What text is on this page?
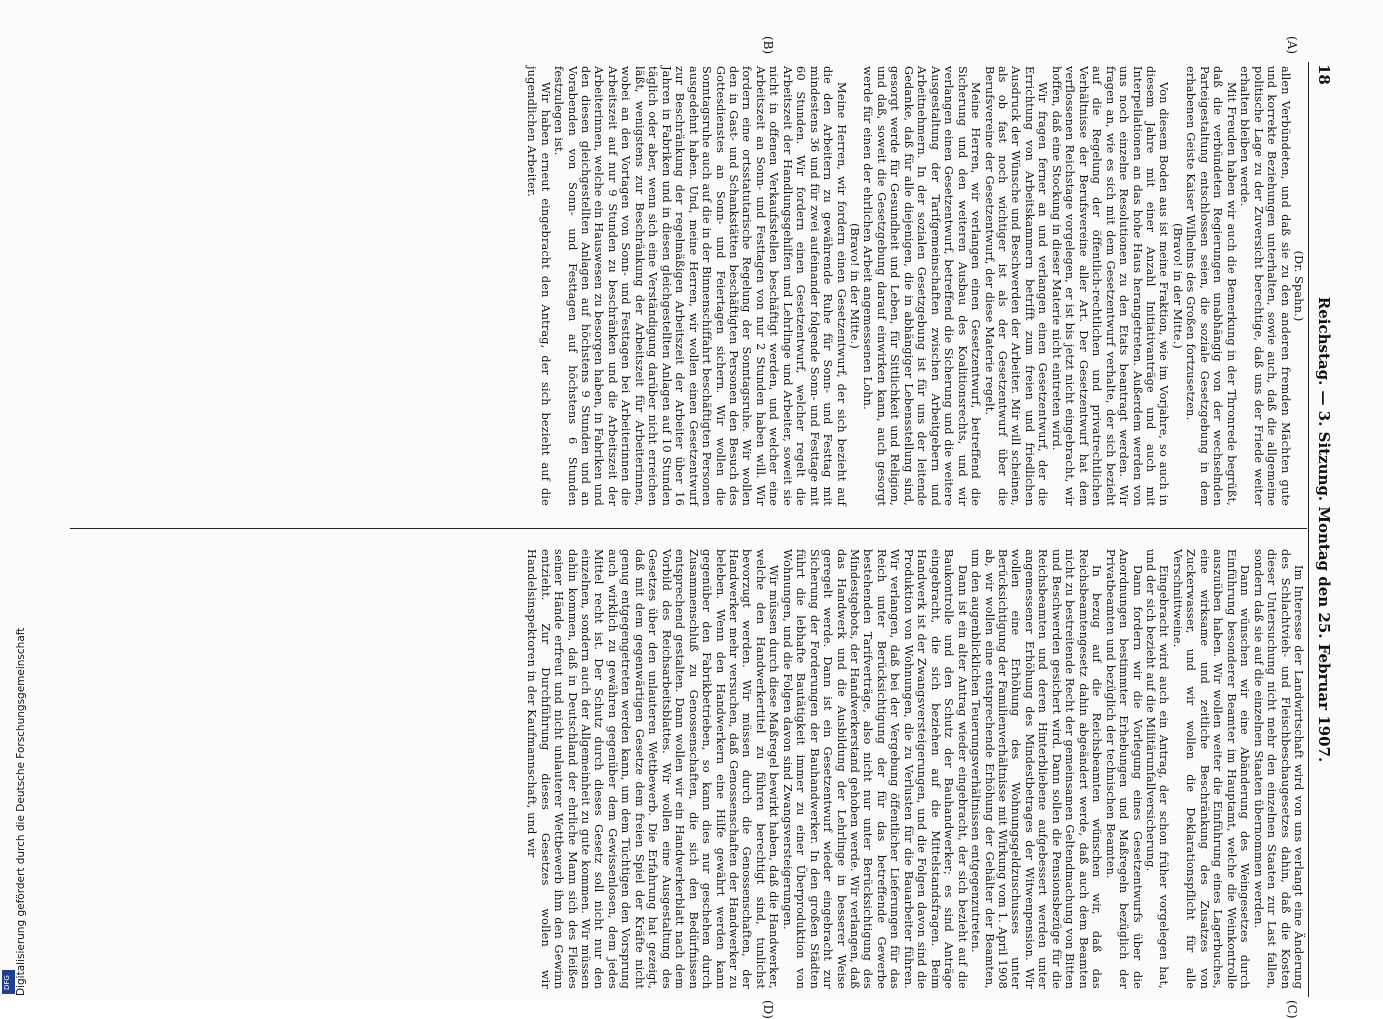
18
Reichstag. — 3. Sitzung. Montag den 25. Februar 1907.
(A)
(B)
(C)
(D)

(Dr. Spahn.)

allen Verbündeten, und daß sie zu den anderen fremden Mächten gute und korrekte Beziehungen unterhalten, sowie auch, daß die allgemeine politische Lage zu der Zuversicht berechtige, daß uns der Friede weiter erhalten bleiben werde.

Mit Freuden haben wir auch die Bemerkung in der Thronrede begrüßt, daß die verbündeten Regierungen unabhängig von der wechselnden Parteigestaltung entschlossen seien, die soziale Gesetzgebung in dem erhabenen Geiste Kaiser Wilhelms des Großen fortzusetzen.

(Bravo! in der Mitte.)

Von diesem Boden aus ist meine Fraktion, wie im Vorjahre, so auch in diesem Jahre mit einer Anzahl Initiativanträge und auch mit Interpellationen an das hohe Haus herangetreten. Außerdem werden von uns noch einzelne Resolutionen zu den Etats beantragt werden. Wir fragen an, wie es sich mit dem Gesetzentwurf verhalte, der sich bezieht auf die Regelung der öffentlich-rechtlichen und privatrechtlichen Verhältnisse der Berufsvereine aller Art. Der Gesetzentwurf hat dem verflossenen Reichstage vorgelegen, er ist bis jetzt nicht eingebracht, wir hoffen, daß eine Stockung in dieser Materie nicht eintreten wird.

Wir fragen ferner an und verlangen einen Gesetzentwurf, der die Errichtung von Arbeitskammern betrifft zum freien und friedlichen Ausdruck der Wünsche und Beschwerden der Arbeiter. Mir will scheinen, als ob fast noch wichtiger ist als der Gesetzentwurf über die Berufsvereine der Gesetzentwurf, der diese Materie regelt.

Meine Herren, wir verlangen einen Gesetzentwurf, betreffend die Sicherung und den weiteren Ausbau des Koalitionsrechts, und wir verlangen einen Gesetzentwurf, betreffend die Sicherung und die weitere Ausgestaltung der Tarifgemeinschaften zwischen Arbeitgebern und Arbeitnehmern. In der sozialen Gesetzgebung ist für uns der leitende Gedanke, daß für alle diejenigen, die in abhängiger Lebensstellung sind, gesorgt werde für Gesundheit und Leben, für Sittlichkeit und Religion, und daß, soweit die Gesetzgebung darauf einwirken kann, auch gesorgt werde für einen der ehrlichen Arbeit angemessenen Lohn.

(Bravo! in der Mitte.)

Meine Herren, wir fordern einen Gesetzentwurf, der sich bezieht auf die den Arbeitern zu gewährende Ruhe für Sonn- und Festtag mit mindestens 36 und für zwei aufeinander folgende Sonn- und Festtage mit 60 Stunden. Wir fordern einen Gesetzentwurf, welcher regelt die Arbeitszeit der Handlungsgehilfen und Lehrlinge und Arbeiter, soweit sie nicht in offenen Verkaufsstellen beschäftigt werden, und welcher eine Arbeitszeit an Sonn- und Festtagen von nur 2 Stunden haben will. Wir fordern eine ortsstatutarische Regelung der Sonntagsruhe. Wir wollen den in Gast- und Schankstätten beschäftigten Personen den Besuch des Gottesdienstes an Sonn- und Feiertagen sichern. Wir wollen die Sonntagsruhe auch auf die in der Binnenschiffahrt beschäftigten Personen ausgedehnt haben. Und, meine Herren, wir wollen einen Gesetzentwurf zur Beschränkung der regelmäßigen Arbeitszeit der Arbeiter über 16 Jahren in Fabriken und in diesen gleichgestellten Anlagen auf 10 Stunden täglich oder aber, wenn sich eine Verständigung darüber nicht erreichen läßt, wenigstens zur Beschränkung der Arbeitszeit für Arbeiterinnen, wobei an den Vortagen von Sonn- und Festtagen bei Arbeiterinnen die Arbeitszeit auf nur 9 Stunden zu beschränken und die Arbeitszeit der Arbeiterinnen, welche ein Hauswesen zu besorgen haben, in Fabriken und den diesen gleichgestellten Anlagen auf höchstens 9 Stunden und an Vorabenden von Sonn- und Festtagen auf höchstens 6 Stunden festzulegen ist.

Wir haben erneut eingebracht den Antrag, der sich bezieht auf die jugendlichen Arbeiter.

Im Interesse der Landwirtschaft wird von uns verlangt eine Änderung des Schlachtvieh- und Fleischbeschaugesetzes dahin, daß die Kosten dieser Untersuchung nicht mehr den einzelnen Staaten zur Last fallen, sondern daß sie auf die einzelnen Staaten übernommen werden.

Dann wünschen wir eine Abänderung des Weingesetzes durch Einführung besonderer Beamter im Hauptamt, welche die Weinkontrolle auszuüben haben. Wir wollen weiter die Einführung eines Lagerbuches, eine wirksame und zeitliche Beschränkung des Zusatzes von Zuckerwasser, und wir wollen die Deklarationspflicht für alle Verschnittweine.

Eingebracht wird auch ein Antrag, der schon früher vorgelegen hat, und der sich bezieht auf die Militärunfallversicherung.

Dann fordern wir die Vorlegung eines Gesetzentwurfs über die Anordnungen bestimmter Erhebungen und Maßregeln bezüglich der Privatbeamten und bezüglich der technischen Beamten.

In bezug auf die Reichsbeamten wünschen wir, daß das Reichsbeamtengesetz dahin abgeändert werde, daß auch dem Beamten nicht zu bestreitende Recht der gemeinsamen Geltendmachung von Bitten und Beschwerden gesichert wird. Dann sollen die Pensionsbezüge für die Reichsbeamten und deren Hinterbliebene aufgebessert werden unter angemessener Erhöhung des Mindestbetrages der Witwenpension. Wir wollen eine Erhöhung des Wohnungsgeldzuschusses unter Berücksichtigung der Familienverhältnisse mit Wirkung vom 1. April 1908 ab, wir wollen eine entsprechende Erhöhung der Gehälter der Beamten, um den augenblicklichen Teuerungsverhältnissen entgegenzutreten.

Dann ist ein alter Antrag wieder eingebracht, der sich bezieht auf die Baukontrolle und den Schutz der Bauhandwerker; es sind Anträge eingebracht, die sich beziehen auf die Mittelstandsfragen. Beim Handwerk ist der Zwangsversteigerungen, und die Folgen davon sind die Produktion von Wohnungen, die zu Verlusten für die Bauarbeiter führen. Wir verlangen, daß bei der Vergebung öffentlicher Lieferungen für das Reich unter Berücksichtigung der für das betreffende Gewerbe bestehenden Tarifverträge, also nicht nur unter Berücksichtigung des Mindestgebots, der Handwerkerstand gehoben werde. Wir verlangen, daß das Handwerk und die Ausbildung der Lehrlinge in besserer Weise geregelt werde. Dann ist ein Gesetzentwurf wieder eingebracht zur Sicherung der Forderungen der Bauhandwerker. In den großen Städten führt die lebhafte Bautätigkeit immer zu einer Überproduktion von Wohnungen, und die Folgen davon sind Zwangsversteigerungen.

Wir müssen durch diese Maßregel bewirkt haben, daß die Handwerker, welche den Handwerkertitel zu führen berechtigt sind, tunlichst bevorzugt werden. Wir müssen durch die Genossenschaften, der Handwerker mehr versuchen, daß Genossenschaften der Handwerker zu beleben. Wenn den Handwerkern eine Hilfe gewährt werden kann gegenüber den Fabrikbetrieben, so kann dies nur geschehen durch Zusammenschluß zu Genossenschaften, die sich den Bedürfnissen entsprechend gestalten. Dann wollen wir ein Handwerkerblatt nach dem Vorbild des Reichsarbeitsblattes. Wir wollen eine Ausgestaltung des Gesetzes über den unlauteren Wettbewerb. Die Erfahrung hat gezeigt, daß mit dem gegenwärtigen Gesetze dem freien Spiel der Kräfte nicht genug entgegengetreten werden kann, um dem Tüchtigen den Vorsprung auch wirklich zu gewähren gegenüber dem Gewissenlosen, dem jedes Mittel recht ist. Der Schutz durch dieses Gesetz soll nicht nur den einzelnen, sondern auch der Allgemeinheit zu gute kommen. Wir müssen dahin kommen, daß in Deutschland der ehrliche Mann sich des Fleißes seiner Hände erfreut und nicht unlauterer Wettbewerb ihm den Gewinn entzieht. Zur Durchführung dieses Gesetzes wollen wir Handelsinspektoren in der Kaufmannschaft, und wir

Digitalisierung gefördert durch die Deutsche Forschungsgemeinschaft
DFG
